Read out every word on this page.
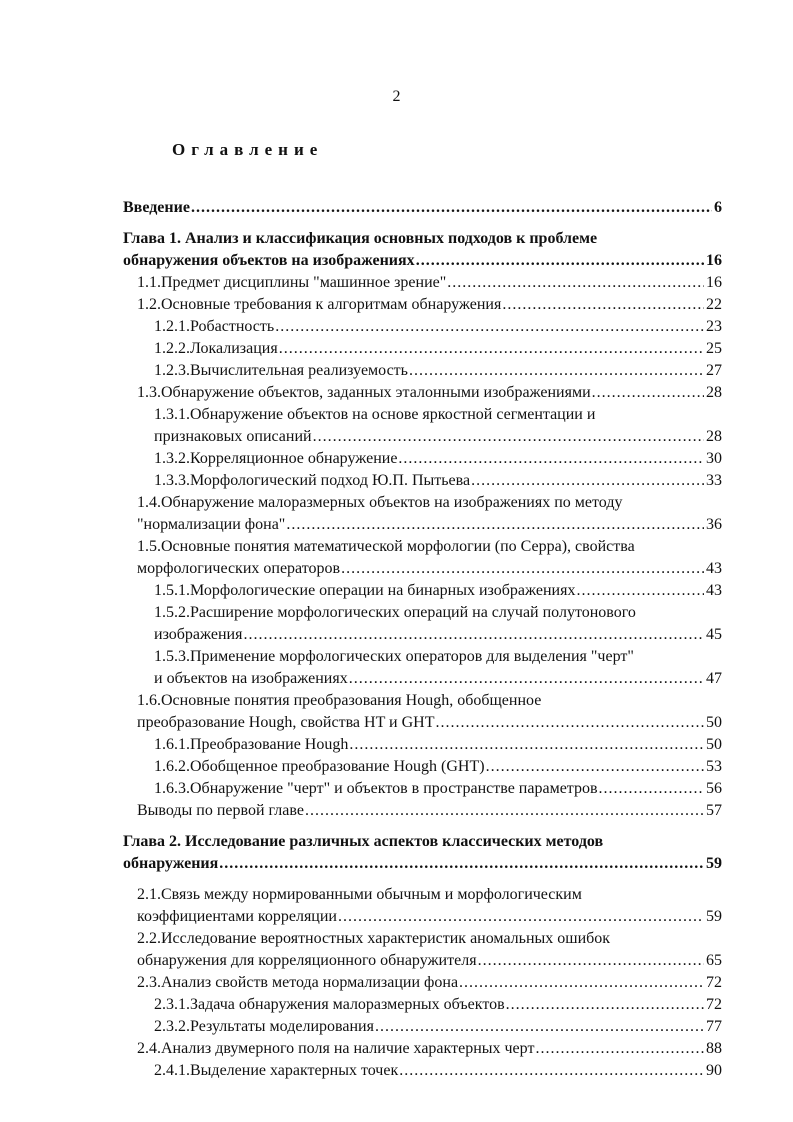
2
Оглавление
Введение .....	6
Глава 1. Анализ и классификация основных подходов к проблеме
обнаружения объектов на изображениях .....	16
1.1.Предмет дисциплины "машинное зрение" .....	16
1.2.Основные требования к алгоритмам обнаружения .....	22
1.2.1.Робастность .....	23
1.2.2.Локализация .....	25
1.2.3.Вычислительная реализуемость .....	27
1.3.Обнаружение объектов, заданных эталонными изображениями .....	28
1.3.1.Обнаружение объектов на основе яркостной сегментации и
признаковых описаний .....	28
1.3.2.Корреляционное обнаружение .....	30
1.3.3.Морфологический подход Ю.П. Пытьева .....	33
1.4.Обнаружение малоразмерных объектов на изображениях по методу
"нормализации фона" .....	36
1.5.Основные понятия математической морфологии (по Серра), свойства
морфологических операторов .....	43
1.5.1.Морфологические операции на бинарных изображениях .....	43
1.5.2.Расширение морфологических операций на случай полутонового
изображения .....	45
1.5.3.Применение морфологических операторов для выделения "черт"
и объектов на изображениях .....	47
1.6.Основные понятия преобразования Hough, обобщенное
преобразование Hough, свойства HT и GHT .....	50
1.6.1.Преобразование Hough .....	50
1.6.2.Обобщенное преобразование Hough (GHT) .....	53
1.6.3.Обнаружение "черт" и объектов в пространстве параметров .....	56
Выводы по первой главе .....	57
Глава 2. Исследование различных аспектов классических методов
обнаружения .....	59
2.1.Связь между нормированными обычным и морфологическим
коэффициентами корреляции .....	59
2.2.Исследование вероятностных характеристик аномальных ошибок
обнаружения для корреляционного обнаружителя .....	65
2.3.Анализ свойств метода нормализации фона .....	72
2.3.1.Задача обнаружения малоразмерных объектов .....	72
2.3.2.Результаты моделирования .....	77
2.4.Анализ двумерного поля на наличие характерных черт .....	88
2.4.1.Выделение характерных точек .....	90
